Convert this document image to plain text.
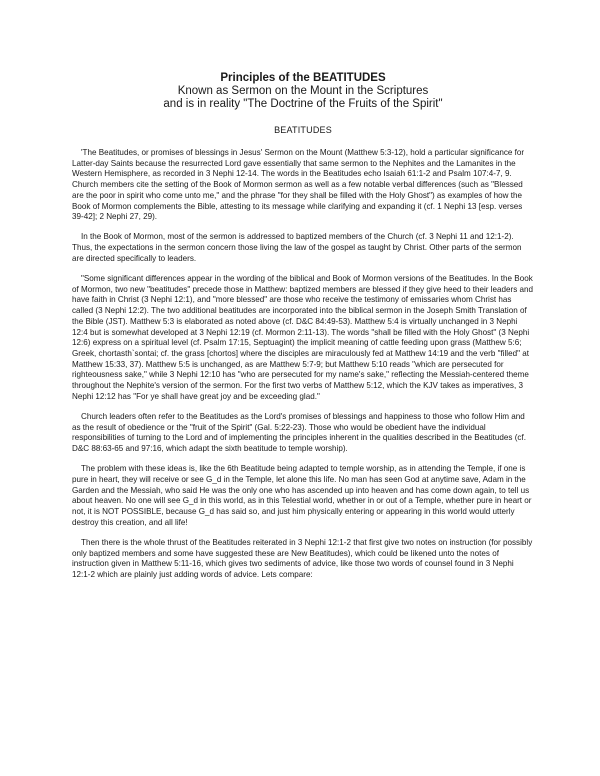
Principles of the BEATITUDES
Known as Sermon on the Mount in the Scriptures
and is in reality "The Doctrine of the Fruits of the Spirit"
BEATITUDES

'The Beatitudes, or promises of blessings in Jesus' Sermon on the Mount (Matthew 5:3-12), hold a particular significance for Latter-day Saints because the resurrected Lord gave essentially that same sermon to the Nephites and the Lamanites in the Western Hemisphere, as recorded in 3 Nephi 12-14. The words in the Beatitudes echo Isaiah 61:1-2 and Psalm 107:4-7, 9. Church members cite the setting of the Book of Mormon sermon as well as a few notable verbal differences (such as "Blessed are the poor in spirit who come unto me," and the phrase "for they shall be filled with the Holy Ghost") as examples of how the Book of Mormon complements the Bible, attesting to its message while clarifying and expanding it (cf. 1 Nephi 13 [esp. verses 39-42]; 2 Nephi 27, 29).

In the Book of Mormon, most of the sermon is addressed to baptized members of the Church (cf. 3 Nephi 11 and 12:1-2). Thus, the expectations in the sermon concern those living the law of the gospel as taught by Christ. Other parts of the sermon are directed specifically to leaders.

"Some significant differences appear in the wording of the biblical and Book of Mormon versions of the Beatitudes. In the Book of Mormon, two new "beatitudes" precede those in Matthew: baptized members are blessed if they give heed to their leaders and have faith in Christ (3 Nephi 12:1), and "more blessed" are those who receive the testimony of emissaries whom Christ has called (3 Nephi 12:2). The two additional beatitudes are incorporated into the biblical sermon in the Joseph Smith Translation of the Bible (JST). Matthew 5:3 is elaborated as noted above (cf. D&C 84:49-53). Matthew 5:4 is virtually unchanged in 3 Nephi 12:4 but is somewhat developed at 3 Nephi 12:19 (cf. Mormon 2:11-13). The words "shall be filled with the Holy Ghost" (3 Nephi 12:6) express on a spiritual level (cf. Psalm 17:15, Septuagint) the implicit meaning of cattle feeding upon grass (Matthew 5:6; Greek, chortasth`sontai; cf. the grass [chortos] where the disciples are miraculously fed at Matthew 14:19 and the verb "filled" at Matthew 15:33, 37). Matthew 5:5 is unchanged, as are Matthew 5:7-9; but Matthew 5:10 reads "which are persecuted for righteousness sake," while 3 Nephi 12:10 has "who are persecuted for my name's sake," reflecting the Messiah-centered theme throughout the Nephite's version of the sermon. For the first two verbs of Matthew 5:12, which the KJV takes as imperatives, 3 Nephi 12:12 has "For ye shall have great joy and be exceeding glad."

Church leaders often refer to the Beatitudes as the Lord's promises of blessings and happiness to those who follow Him and as the result of obedience or the "fruit of the Spirit" (Gal. 5:22-23). Those who would be obedient have the individual responsibilities of turning to the Lord and of implementing the principles inherent in the qualities described in the Beatitudes (cf. D&C 88:63-65 and 97:16, which adapt the sixth beatitude to temple worship).

The problem with these ideas is, like the 6th Beatitude being adapted to temple worship, as in attending the Temple, if one is pure in heart, they will receive or see G_d in the Temple, let alone this life. No man has seen God at anytime save, Adam in the Garden and the Messiah, who said He was the only one who has ascended up into heaven and has come down again, to tell us about heaven. No one will see G_d in this world, as in this Telestial world, whether in or out of a Temple, whether pure in heart or not, it is NOT POSSIBLE, because G_d has said so, and just him physically entering or appearing in this world would utterly destroy this creation, and all life!

Then there is the whole thrust of the Beatitudes reiterated in 3 Nephi 12:1-2 that first give two notes on instruction (for possibly only baptized members and some have suggested these are New Beatitudes), which could be likened unto the notes of instruction given in Matthew 5:11-16, which gives two sediments of advice, like those two words of counsel found in 3 Nephi 12:1-2 which are plainly just adding words of advice. Lets compare:
